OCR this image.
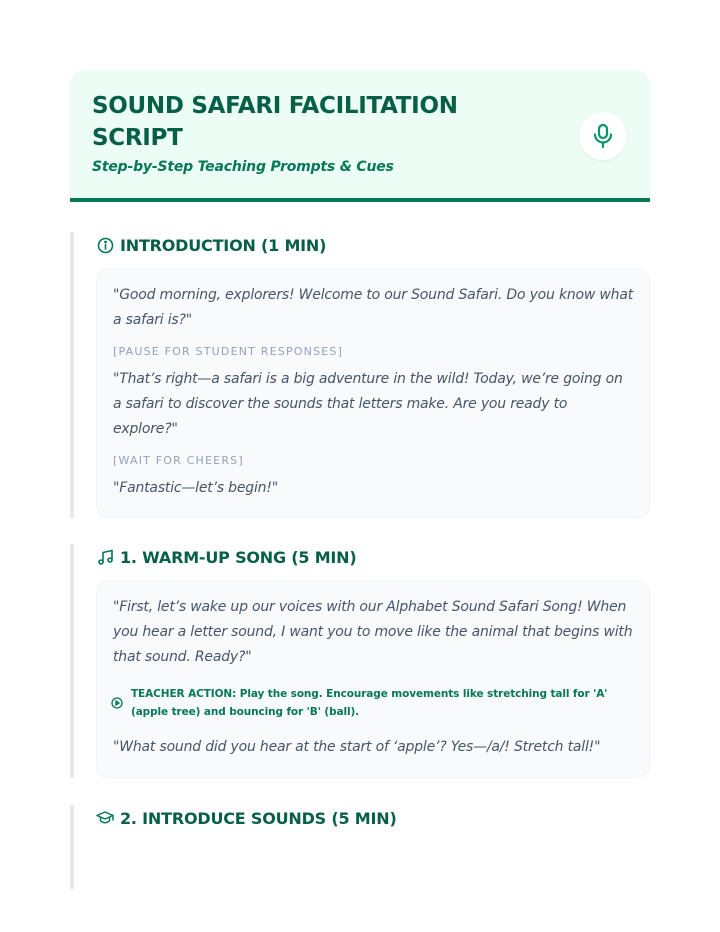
SOUND SAFARI FACILITATION SCRIPT

Step-by-Step Teaching Prompts & Cues

INTRODUCTION (1 MIN)

"Good morning, explorers! Welcome to our Sound Safari. Do you know what a safari is?"

[PAUSE FOR STUDENT RESPONSES]

"That’s right—a safari is a big adventure in the wild! Today, we’re going on a safari to discover the sounds that letters make. Are you ready to explore?"

[WAIT FOR CHEERS]

"Fantastic—let’s begin!"

1. WARM-UP SONG (5 MIN)

"First, let’s wake up our voices with our Alphabet Sound Safari Song! When you hear a letter sound, I want you to move like the animal that begins with that sound. Ready?"

TEACHER ACTION: Play the song. Encourage movements like stretching tall for 'A' (apple tree) and bouncing for 'B' (ball).

"What sound did you hear at the start of ‘apple’? Yes—/a/! Stretch tall!"

2. INTRODUCE SOUNDS (5 MIN)
